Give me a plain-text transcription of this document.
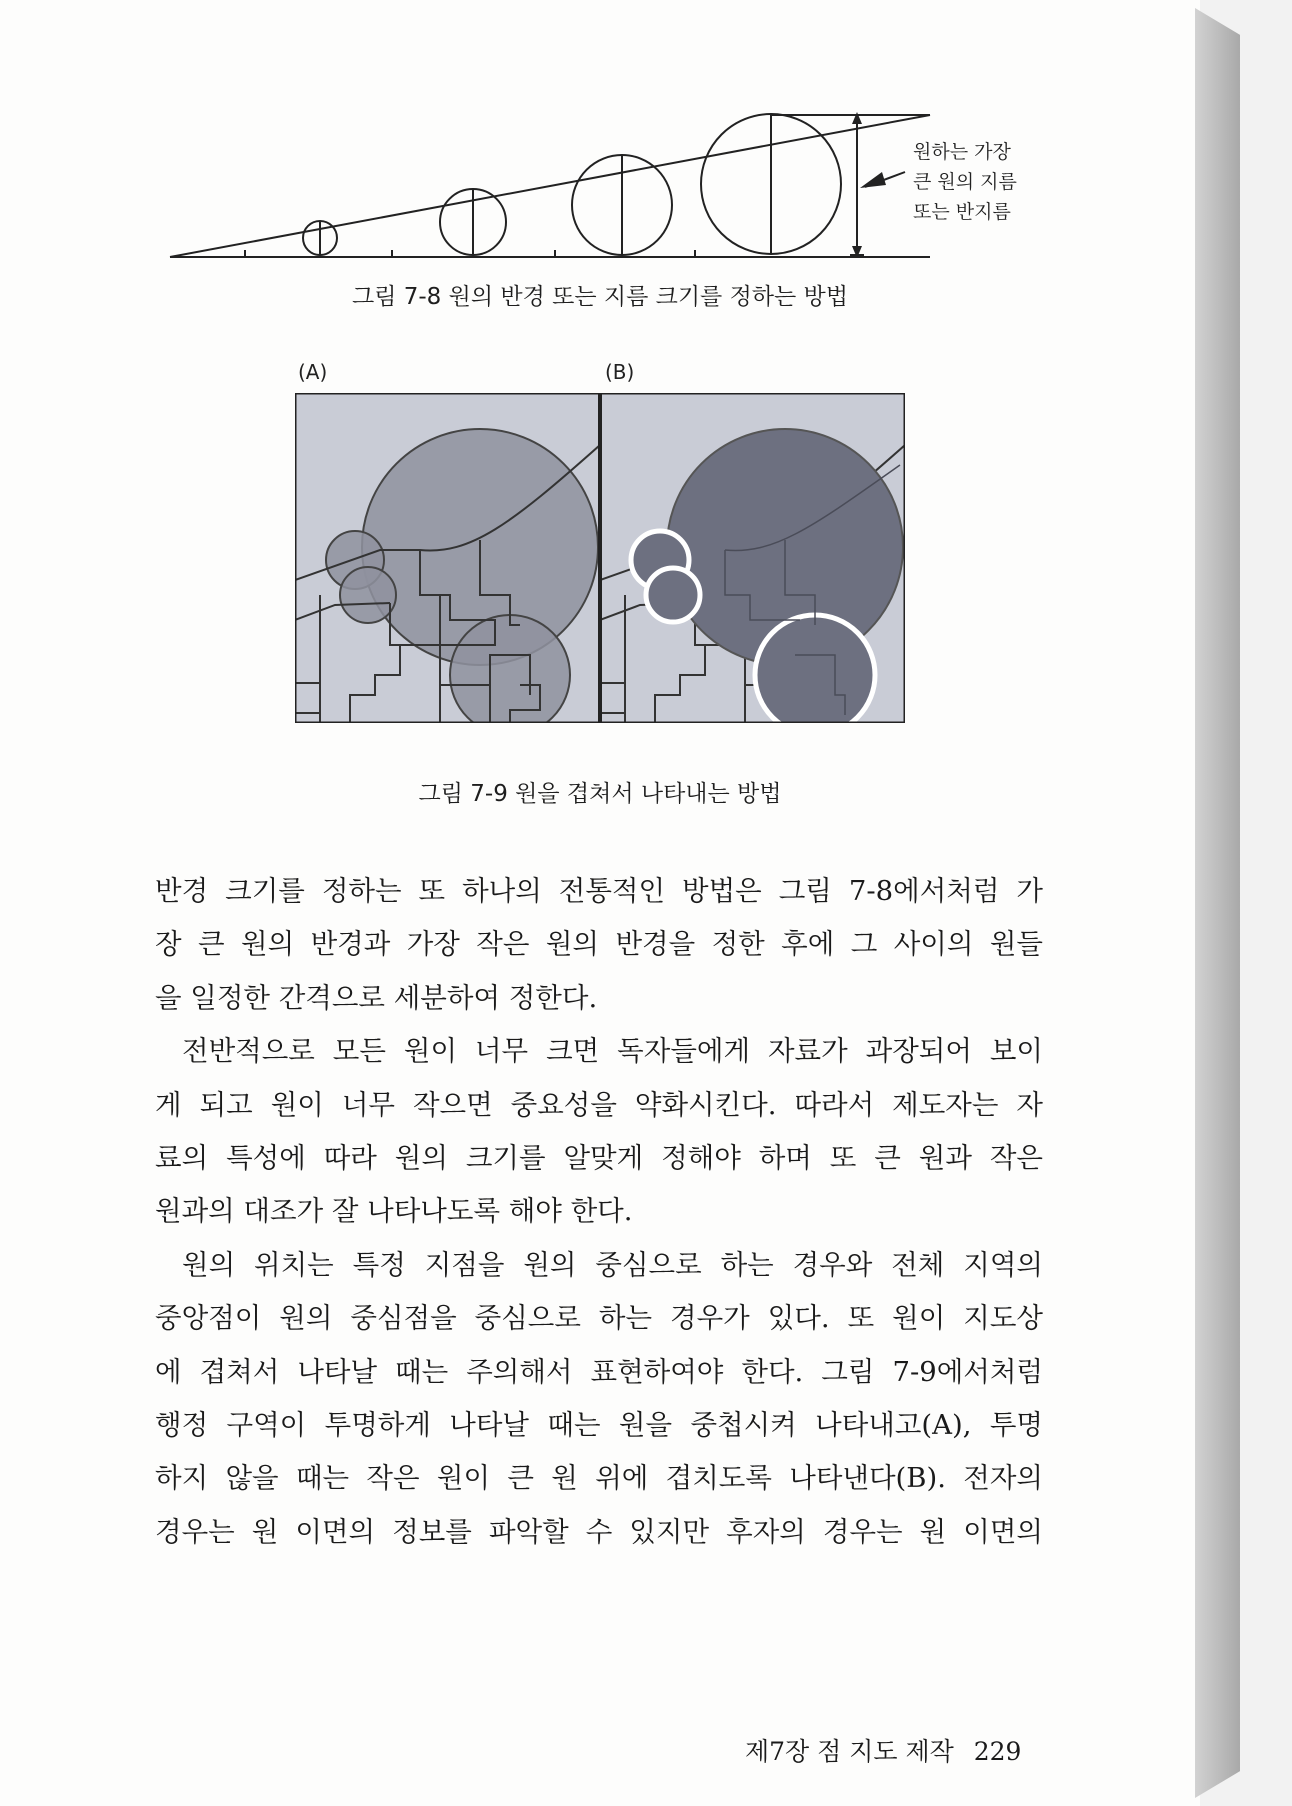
원하는 가장
큰 원의 지름
또는 반지름

그림 7-8 원의 반경 또는 지름 크기를 정하는 방법

(A)	(B)

그림 7-9 원을 겹쳐서 나타내는 방법

반경 크기를 정하는 또 하나의 전통적인 방법은 그림 7-8에서처럼 가
장 큰 원의 반경과 가장 작은 원의 반경을 정한 후에 그 사이의 원들
을 일정한 간격으로 세분하여 정한다.
전반적으로 모든 원이 너무 크면 독자들에게 자료가 과장되어 보이
게 되고 원이 너무 작으면 중요성을 약화시킨다. 따라서 제도자는 자
료의 특성에 따라 원의 크기를 알맞게 정해야 하며 또 큰 원과 작은
원과의 대조가 잘 나타나도록 해야 한다.
원의 위치는 특정 지점을 원의 중심으로 하는 경우와 전체 지역의
중앙점이 원의 중심점을 중심으로 하는 경우가 있다. 또 원이 지도상
에 겹쳐서 나타날 때는 주의해서 표현하여야 한다. 그림 7-9에서처럼
행정 구역이 투명하게 나타날 때는 원을 중첩시켜 나타내고(A), 투명
하지 않을 때는 작은 원이 큰 원 위에 겹치도록 나타낸다(B). 전자의
경우는 원 이면의 정보를 파악할 수 있지만 후자의 경우는 원 이면의

제7장 점 지도 제작 229
